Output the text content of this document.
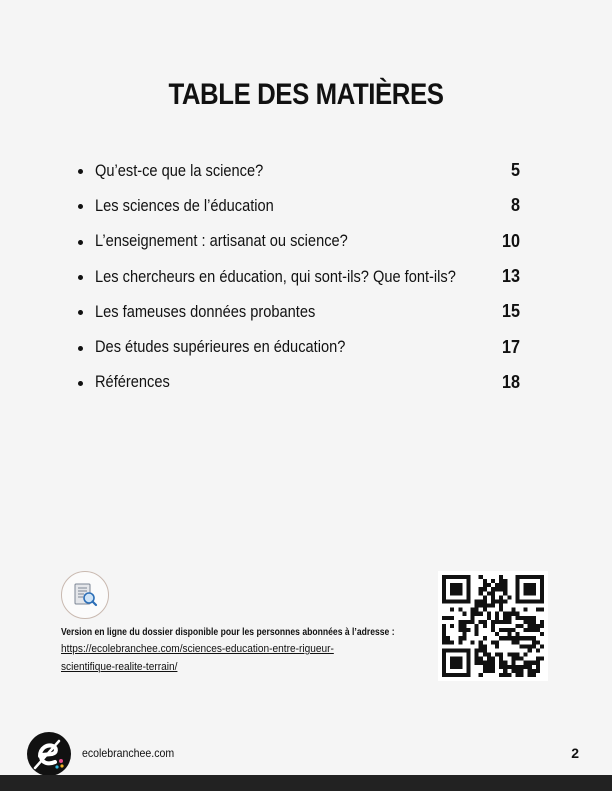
TABLE DES MATIÈRES
Qu’est-ce que la science?	5
Les sciences de l’éducation	8
L’enseignement : artisanat ou science?	10
Les chercheurs en éducation, qui sont-ils? Que font-ils?	13
Les fameuses données probantes	15
Des études supérieures en éducation?	17
Références	18
Version en ligne du dossier disponible pour les personnes abonnées à l’adresse :
https://ecolebranchee.com/sciences-education-entre-rigueur-
scientifique-realite-terrain/
ecolebranchee.com	2
